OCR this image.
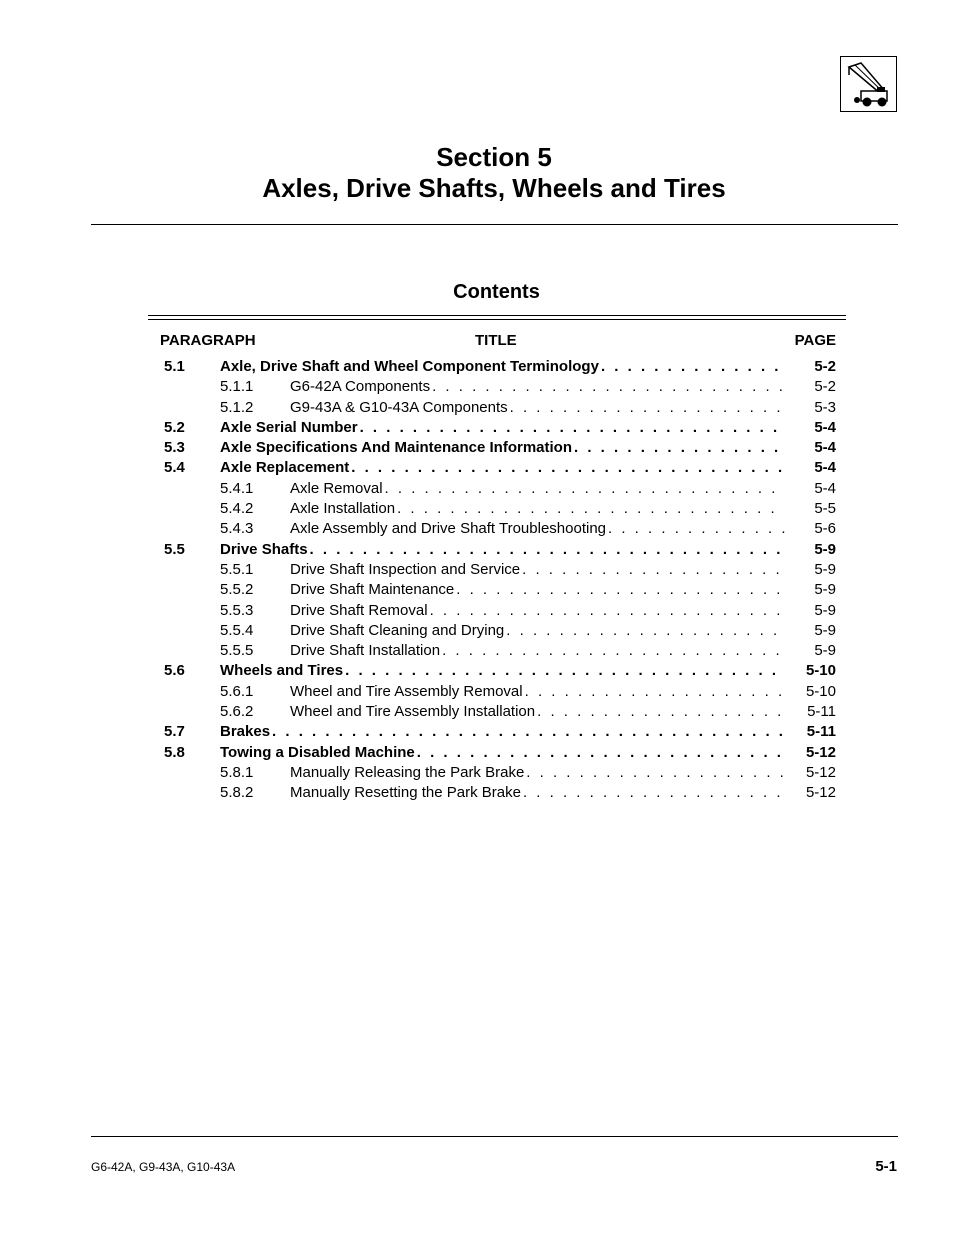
Section 5
Axles, Drive Shafts, Wheels and Tires
Contents
PARAGRAPH	TITLE	PAGE
5.1 Axle, Drive Shaft and Wheel Component Terminology . . .	5-2
5.1.1 G6-42A Components . . .	5-2
5.1.2 G9-43A & G10-43A Components . . .	5-3
5.2 Axle Serial Number . . .	5-4
5.3 Axle Specifications And Maintenance Information . . .	5-4
5.4 Axle Replacement . . .	5-4
5.4.1 Axle Removal . . .	5-4
5.4.2 Axle Installation . . .	5-5
5.4.3 Axle Assembly and Drive Shaft Troubleshooting . . .	5-6
5.5 Drive Shafts . . .	5-9
5.5.1 Drive Shaft Inspection and Service . . .	5-9
5.5.2 Drive Shaft Maintenance . . .	5-9
5.5.3 Drive Shaft Removal . . .	5-9
5.5.4 Drive Shaft Cleaning and Drying . . .	5-9
5.5.5 Drive Shaft Installation . . .	5-9
5.6 Wheels and Tires . . .	5-10
5.6.1 Wheel and Tire Assembly Removal . . .	5-10
5.6.2 Wheel and Tire Assembly Installation . . .	5-11
5.7 Brakes . . .	5-11
5.8 Towing a Disabled Machine . . .	5-12
5.8.1 Manually Releasing the Park Brake . . .	5-12
5.8.2 Manually Resetting the Park Brake . . .	5-12
G6-42A, G9-43A, G10-43A	5-1
